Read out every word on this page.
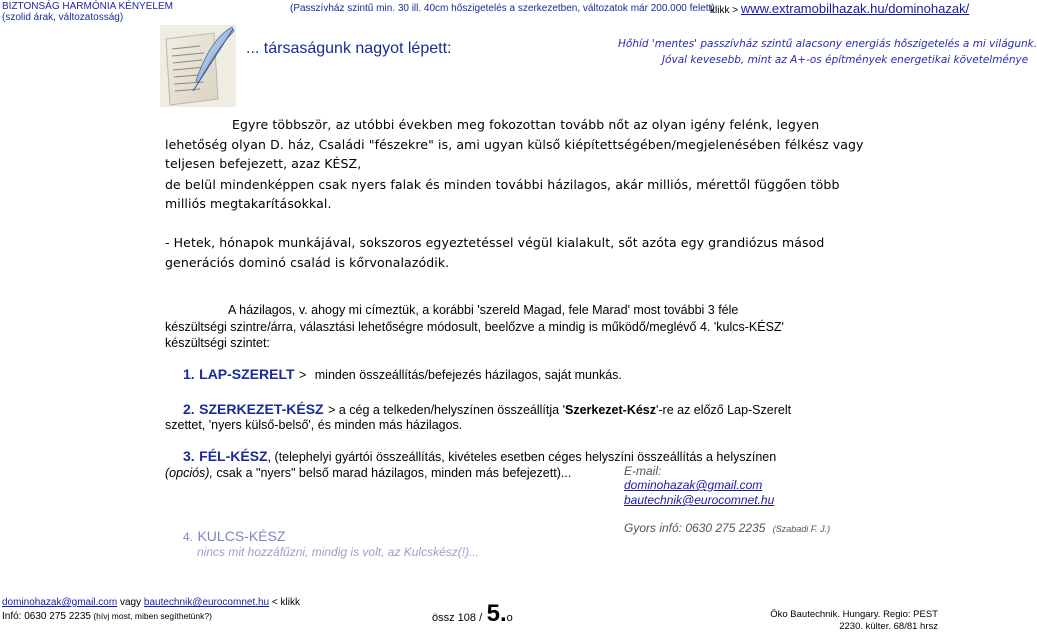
BIZTONSÁG HARMÓNIA KÉNYELEM
(szolid árak, változatosság)
(Passzívház szintű min. 30 ill. 40cm hőszigetelés a szerkezetben, változatok már 200.000 felett)
klikk > www.extramobilhazak.hu/dominohazak/
... társaságunk nagyot lépett:	Hőhíd 'mentes' passzívház szintű alacsony energiás hőszigetelés a mi világunk.
Jóval kevesebb, mint az A+-os építmények energetikai követelménye
Egyre többször, az utóbbi években meg fokozottan tovább nőt az olyan igény felénk, legyen
lehetőség olyan D. ház, Családi "fészekre" is, ami ugyan külső kiépítettségében/megjelenésében félkész vagy
teljesen befejezett, azaz KÉSZ,
de belül mindenképpen csak nyers falak és minden további házilagos, akár milliós, mérettől függően több
milliós megtakarításokkal.
- Hetek, hónapok munkájával, sokszoros egyeztetéssel végül kialakult, sőt azóta egy grandiózus másod
generációs dominó család is kőrvonalazódik.
A házilagos, v. ahogy mi címeztük, a korábbi 'szereld Magad, fele Marad' most további 3 féle
készültségi szintre/árra, választási lehetőségre módosult, beelőzve a mindig is működő/meglévő 4. 'kulcs-KÉSZ'
készültségi szintet:
1. LAP-SZERELT > minden összeállítás/befejezés házilagos, saját munkás.
2. SZERKEZET-KÉSZ > a cég a telkeden/helyszínen összeállítja 'Szerkezet-Kész'-re az előző Lap-Szerelt
szettet, 'nyers külső-belső', és minden más házilagos.
3. FÉL-KÉSZ, (telephelyi gyártói összeállítás, kivételes esetben céges helyszíni összeállítás a helyszínen
(opciós), csak a "nyers" belső marad házilagos, minden más befejezett)...	E-mail:
dominohazak@gmail.com
bautechnik@eurocomnet.hu
Gyors infó: 0630 275 2235 (Szabadi F. J.)
4. KULCS-KÉSZ
nincs mit hozzáfűzni, mindig is volt, az Kulcskész(!)...
dominohazak@gmail.com vagy bautechnik@eurocomnet.hu < klikk
Infó: 0630 275 2235 (hívj most, miben segíthetünk?)	össz 108 / 5.o	Öko Bautechnik. Hungary. Regio: PEST
2230. külter. 68/81 hrsz
